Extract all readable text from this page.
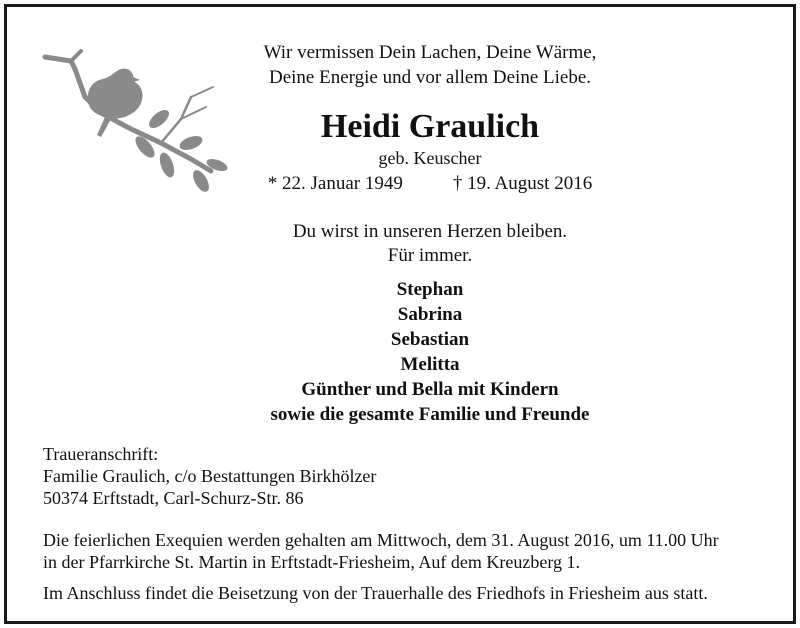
Wir vermissen Dein Lachen, Deine Wärme,
Deine Energie und vor allem Deine Liebe.
Heidi Graulich
geb. Keuscher
* 22. Januar 1949	† 19. August 2016
Du wirst in unseren Herzen bleiben.
Für immer.
Stephan
Sabrina
Sebastian
Melitta
Günther und Bella mit Kindern
sowie die gesamte Familie und Freunde
Traueranschrift:
Familie Graulich, c/o Bestattungen Birkhölzer
50374 Erftstadt, Carl-Schurz-Str. 86
Die feierlichen Exequien werden gehalten am Mittwoch, dem 31. August 2016, um 11.00 Uhr
in der Pfarrkirche St. Martin in Erftstadt-Friesheim, Auf dem Kreuzberg 1.
Im Anschluss findet die Beisetzung von der Trauerhalle des Friedhofs in Friesheim aus statt.
